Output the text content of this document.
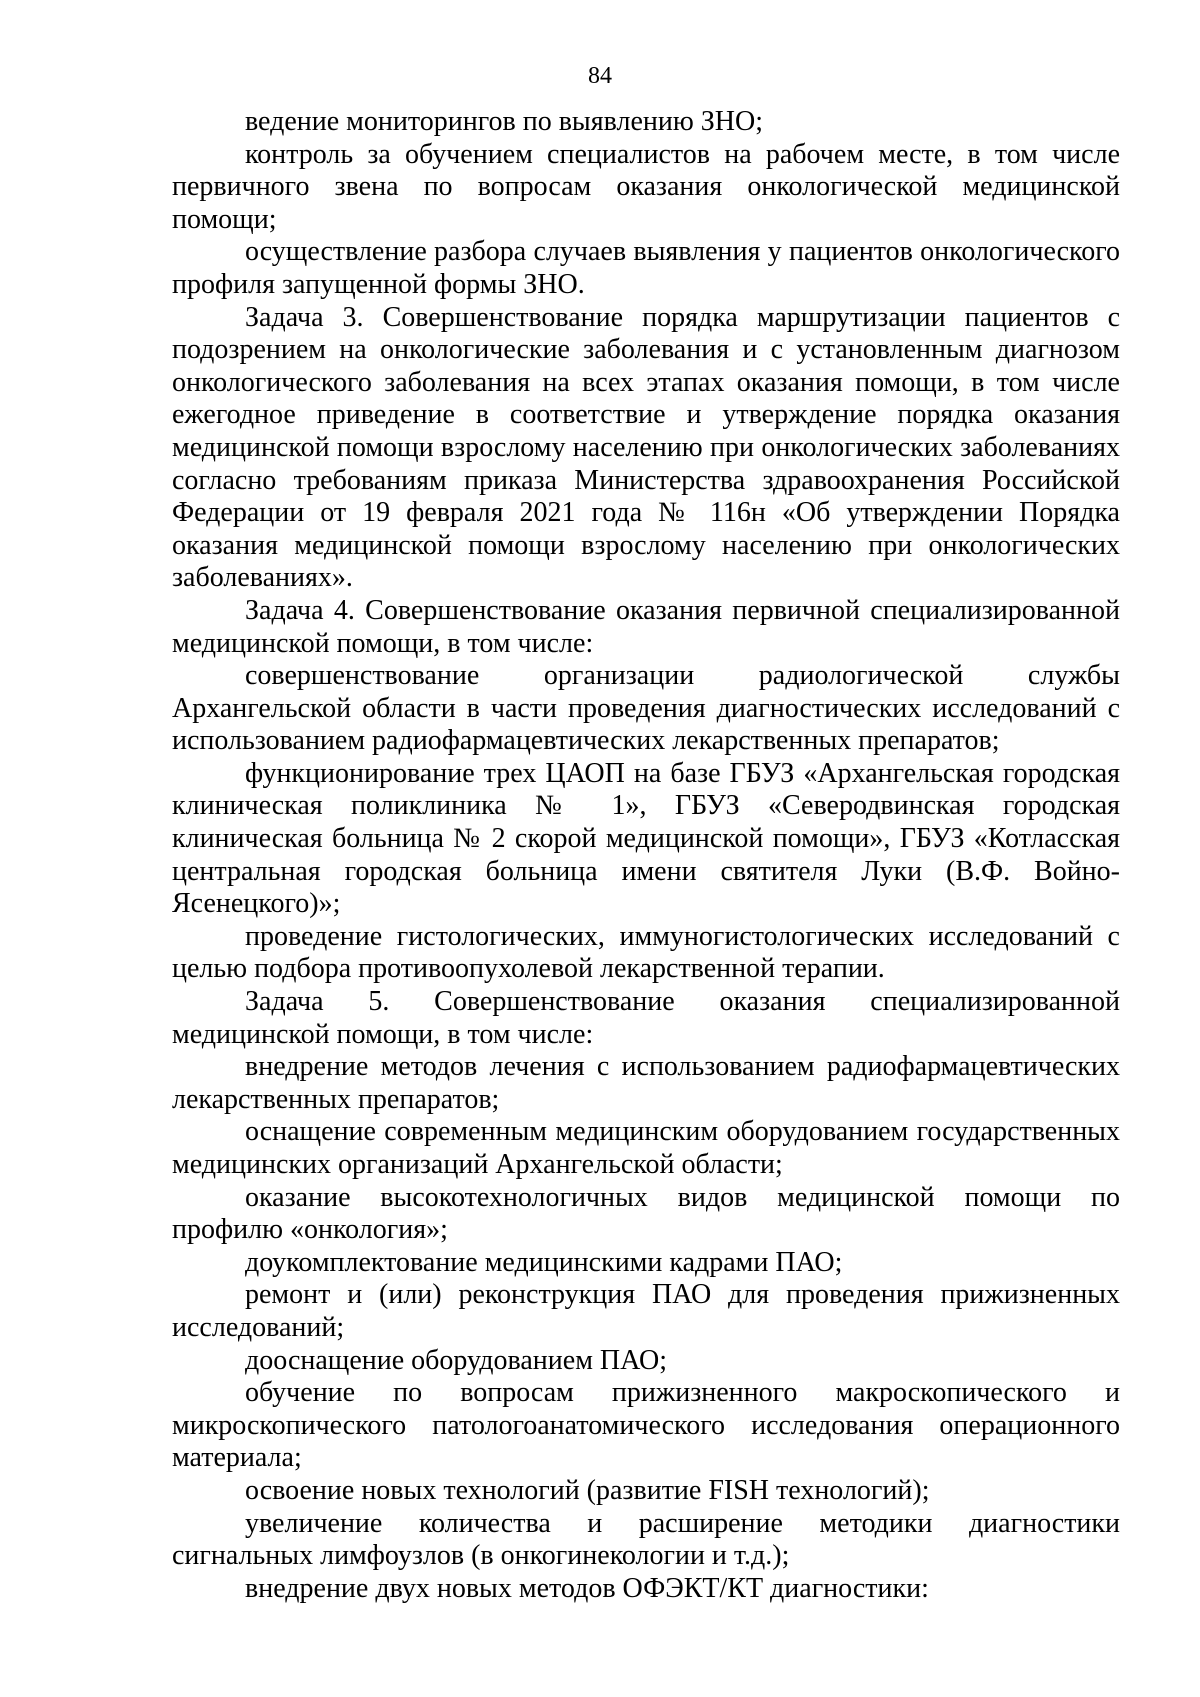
84

ведение мониторингов по выявлению ЗНО;

контроль за обучением специалистов на рабочем месте, в том числе первичного звена по вопросам оказания онкологической медицинской помощи;

осуществление разбора случаев выявления у пациентов онкологического профиля запущенной формы ЗНО.

Задача 3. Совершенствование порядка маршрутизации пациентов с подозрением на онкологические заболевания и с установленным диагнозом онкологического заболевания на всех этапах оказания помощи, в том числе ежегодное приведение в соответствие и утверждение порядка оказания медицинской помощи взрослому населению при онкологических заболеваниях согласно требованиям приказа Министерства здравоохранения Российской Федерации от 19 февраля 2021 года № 116н «Об утверждении Порядка оказания медицинской помощи взрослому населению при онкологических заболеваниях».

Задача 4. Совершенствование оказания первичной специализированной медицинской помощи, в том числе:

совершенствование организации радиологической службы Архангельской области в части проведения диагностических исследований с использованием радиофармацевтических лекарственных препаратов;

функционирование трех ЦАОП на базе ГБУЗ «Архангельская городская клиническая поликлиника № 1», ГБУЗ «Северодвинская городская клиническая больница № 2 скорой медицинской помощи», ГБУЗ «Котласская центральная городская больница имени святителя Луки (В.Ф. Войно-Ясенецкого)»;

проведение гистологических, иммуногистологических исследований с целью подбора противоопухолевой лекарственной терапии.

Задача 5. Совершенствование оказания специализированной медицинской помощи, в том числе:

внедрение методов лечения с использованием радиофармацевтических лекарственных препаратов;

оснащение современным медицинским оборудованием государственных медицинских организаций Архангельской области;

оказание высокотехнологичных видов медицинской помощи по профилю «онкология»;

доукомплектование медицинскими кадрами ПАО;

ремонт и (или) реконструкция ПАО для проведения прижизненных исследований;

дооснащение оборудованием ПАО;

обучение по вопросам прижизненного макроскопического и микроскопического патологоанатомического исследования операционного материала;

освоение новых технологий (развитие FISH технологий);

увеличение количества и расширение методики диагностики сигнальных лимфоузлов (в онкогинекологии и т.д.);

внедрение двух новых методов ОФЭКТ/КТ диагностики:
